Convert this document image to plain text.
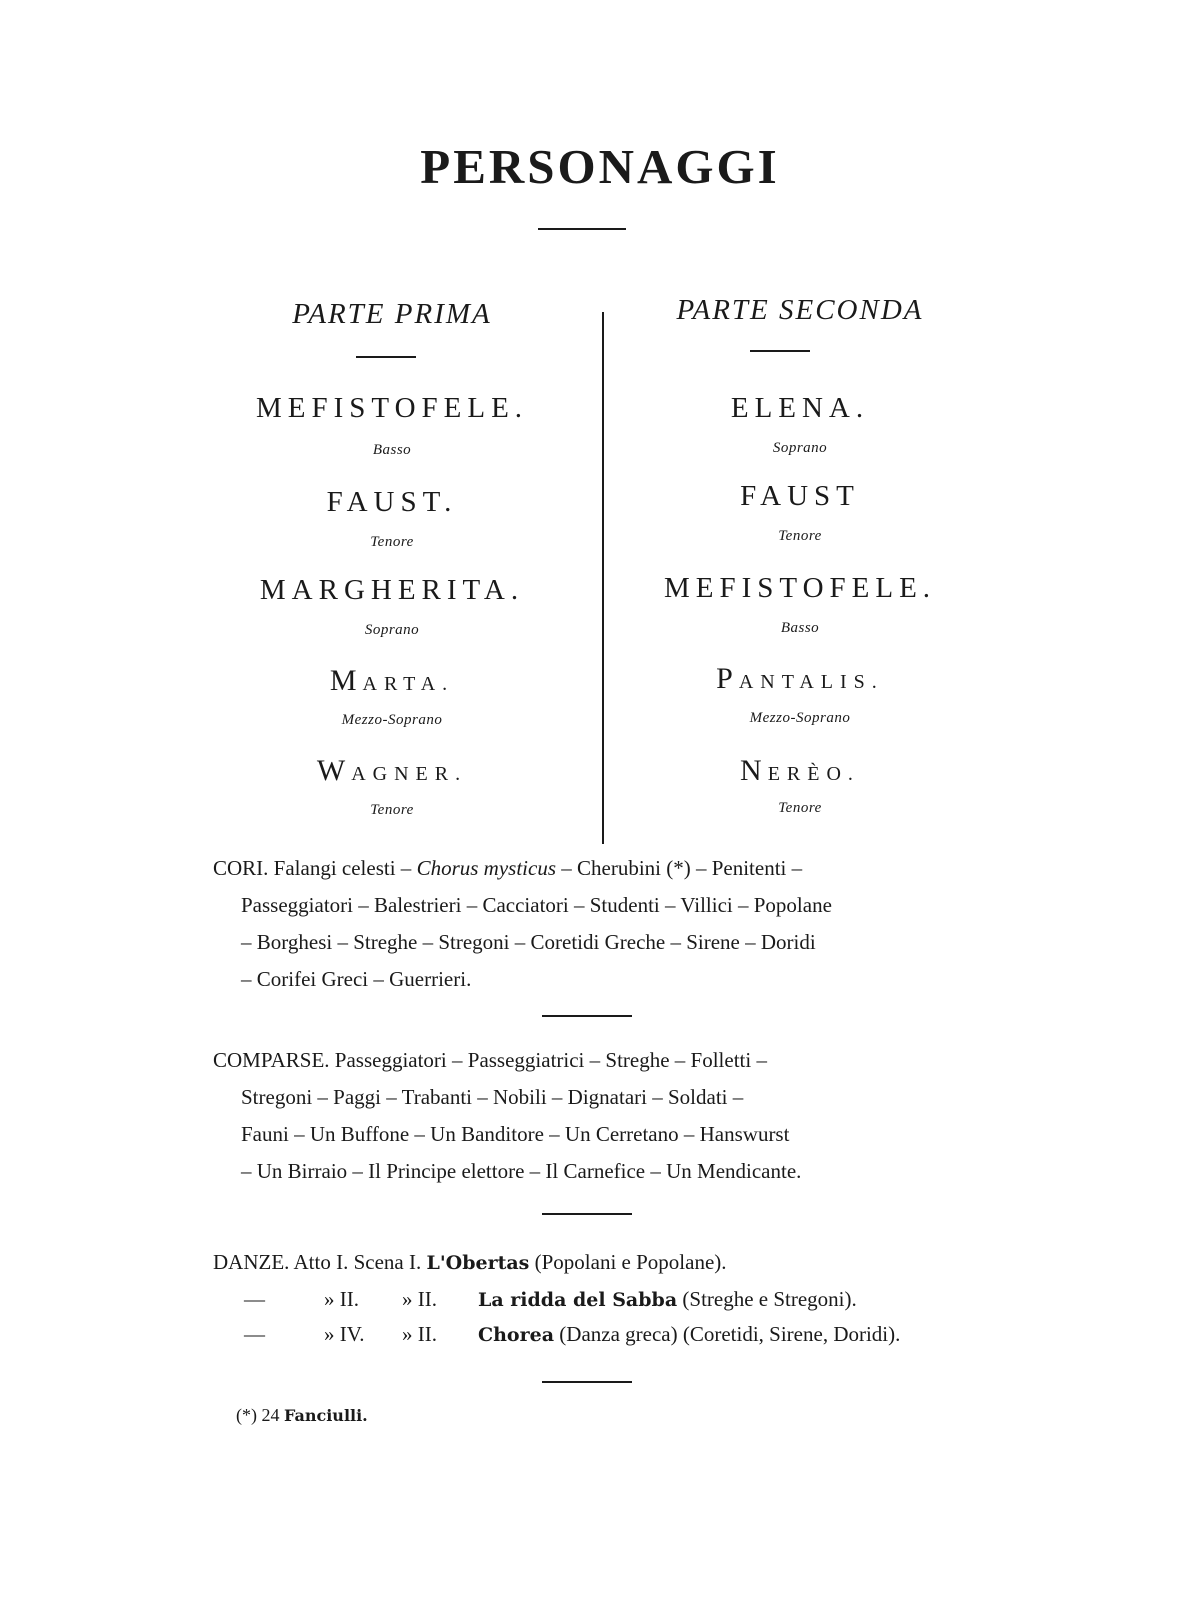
PERSONAGGI
PARTE PRIMA
MEFISTOFELE.
Basso
FAUST.
Tenore
MARGHERITA.
Soprano
MARTA.
Mezzo-Soprano
WAGNER.
Tenore
PARTE SECONDA
ELENA.
Soprano
FAUST
Tenore
MEFISTOFELE.
Basso
PANTALIS.
Mezzo-Soprano
NERÈO.
Tenore
CORI. Falangi celesti – Chorus mysticus – Cherubini (*) – Penitenti –
Passeggiatori – Balestrieri – Cacciatori – Studenti – Villici – Popolane
– Borghesi – Streghe – Stregoni – Coretidi Greche – Sirene – Doridi
– Corifei Greci – Guerrieri.
COMPARSE. Passeggiatori – Passeggiatrici – Streghe – Folletti –
Stregoni – Paggi – Trabanti – Nobili – Dignatari – Soldati –
Fauni – Un Buffone – Un Banditore – Un Cerretano – Hanswurst
– Un Birraio – Il Principe elettore – Il Carnefice – Un Mendicante.
DANZE. Atto I. Scena I. L'Obertas (Popolani e Popolane).
—	» II. » II. La ridda del Sabba (Streghe e Stregoni).
—	» IV. » II. Chorea (Danza greca) (Coretidi, Sirene, Doridi).
(*) 24 Fanciulli.
